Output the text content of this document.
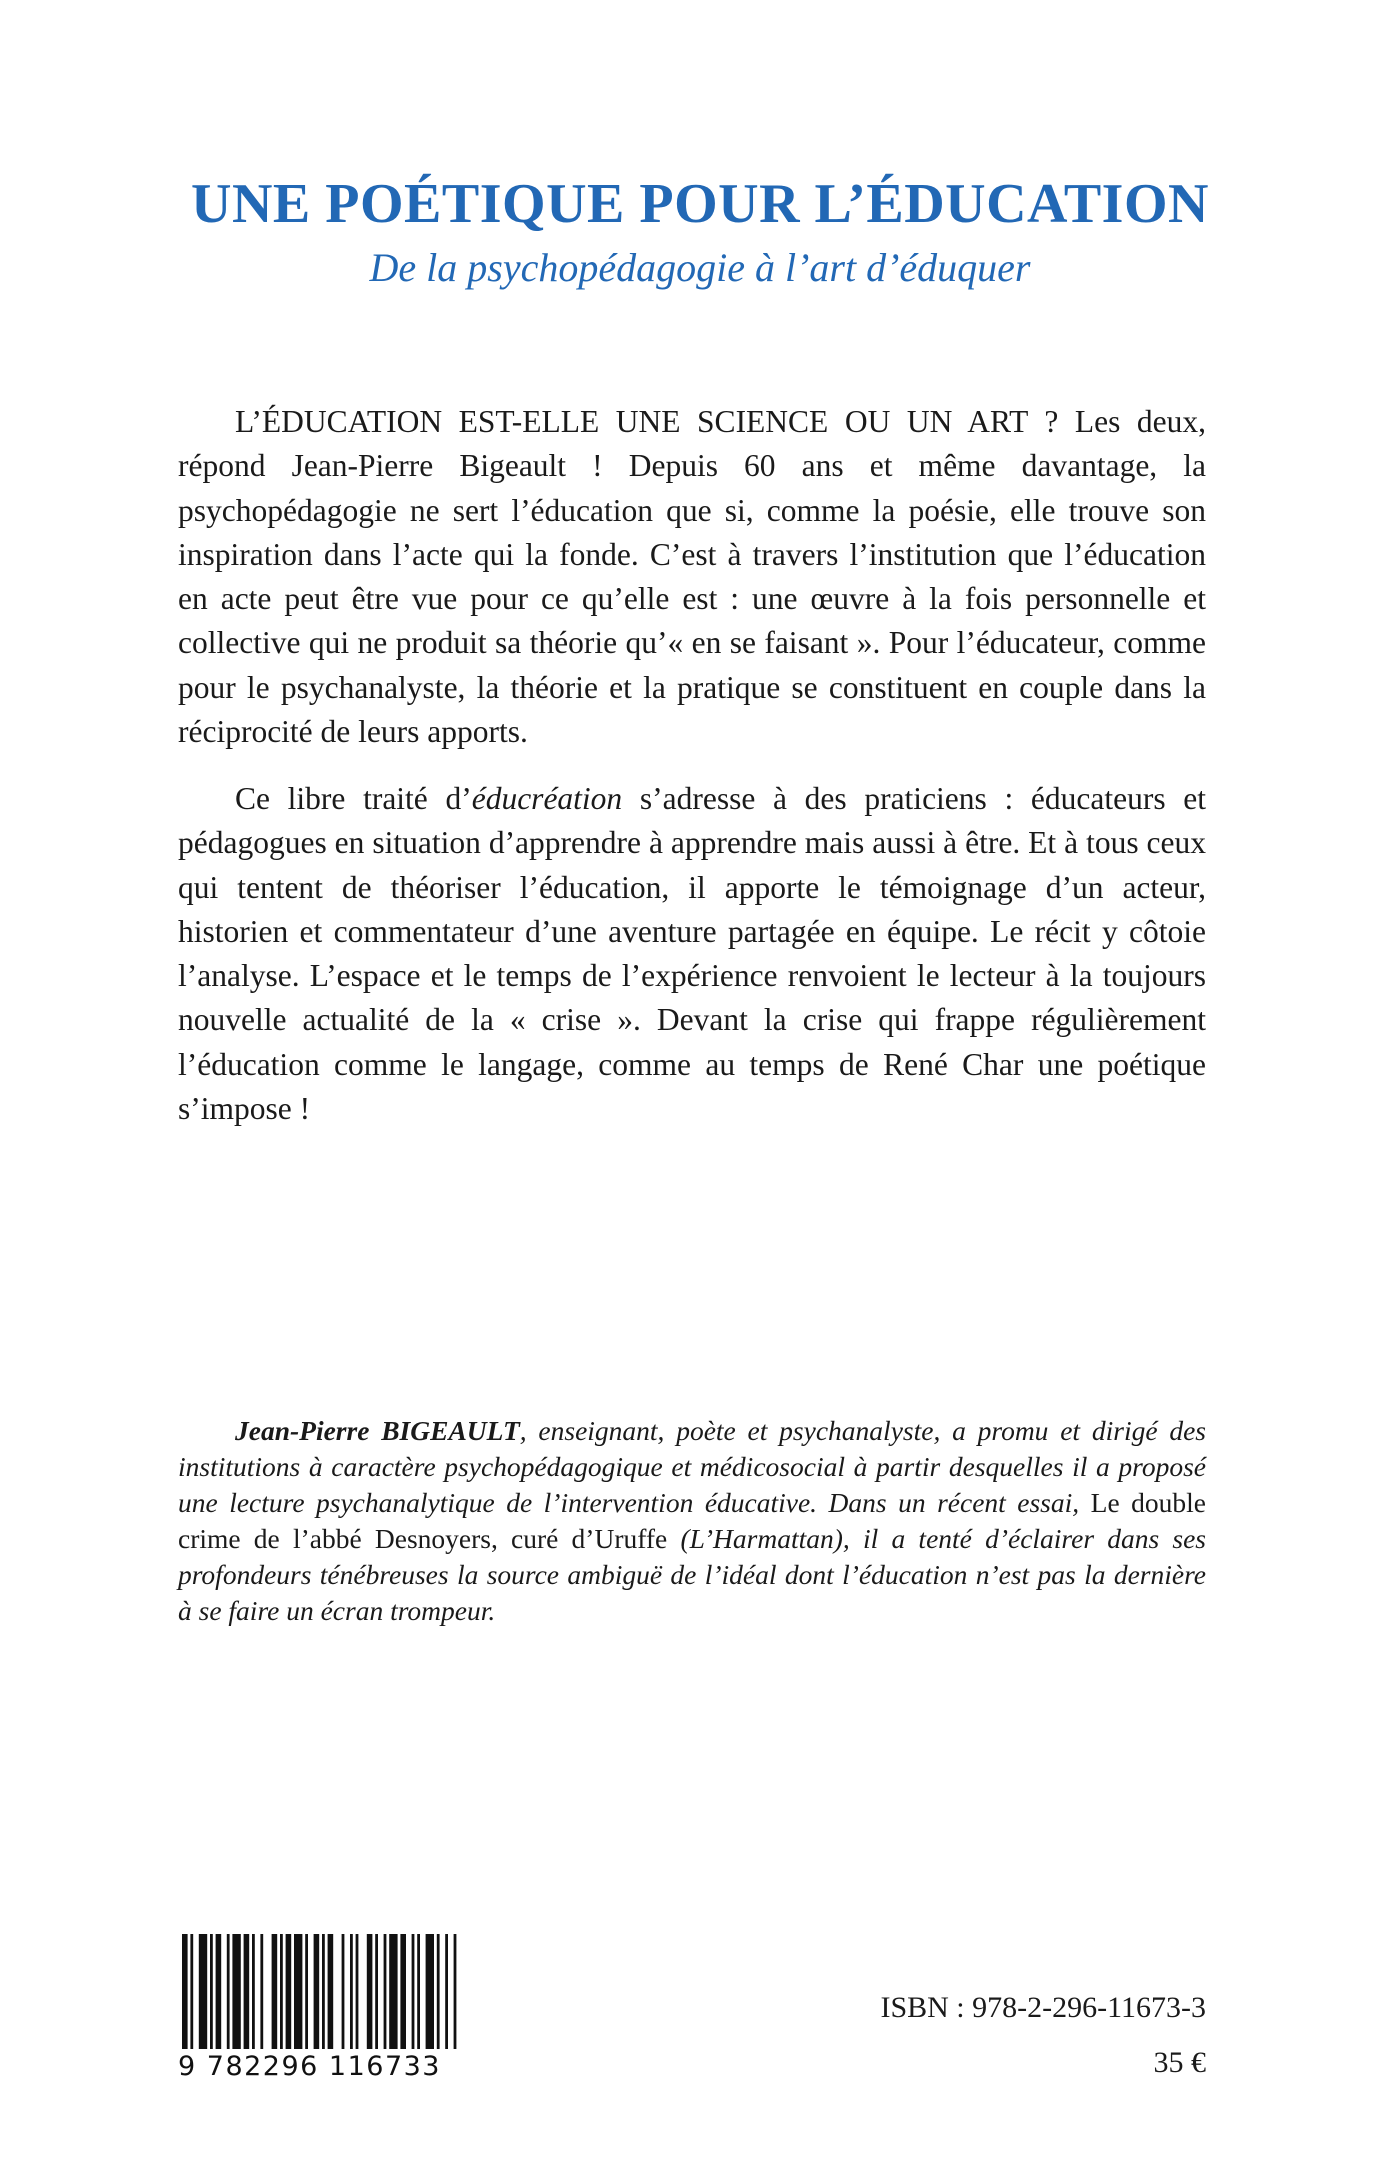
UNE POÉTIQUE POUR L’ÉDUCATION
De la psychopédagogie à l’art d’éduquer

L’ÉDUCATION EST-ELLE UNE SCIENCE OU UN ART ? Les deux, répond Jean-Pierre Bigeault ! Depuis 60 ans et même davantage, la psychopédagogie ne sert l’éducation que si, comme la poésie, elle trouve son inspiration dans l’acte qui la fonde. C’est à travers l’institution que l’éducation en acte peut être vue pour ce qu’elle est : une œuvre à la fois personnelle et collective qui ne produit sa théorie qu’« en se faisant ». Pour l’éducateur, comme pour le psychanalyste, la théorie et la pratique se constituent en couple dans la réciprocité de leurs apports.

Ce libre traité d’éducréation s’adresse à des praticiens : éducateurs et pédagogues en situation d’apprendre à apprendre mais aussi à être. Et à tous ceux qui tentent de théoriser l’éducation, il apporte le témoignage d’un acteur, historien et commentateur d’une aventure partagée en équipe. Le récit y côtoie l’analyse. L’espace et le temps de l’expérience renvoient le lecteur à la toujours nouvelle actualité de la « crise ». Devant la crise qui frappe régulièrement l’éducation comme le langage, comme au temps de René Char une poétique s’impose !

Jean-Pierre BIGEAULT, enseignant, poète et psychanalyste, a promu et dirigé des institutions à caractère psychopédagogique et médicosocial à partir desquelles il a proposé une lecture psychanalytique de l’intervention éducative. Dans un récent essai, Le double crime de l’abbé Desnoyers, curé d’Uruffe (L’Harmattan), il a tenté d’éclairer dans ses profondeurs ténébreuses la source ambiguë de l’idéal dont l’éducation n’est pas la dernière à se faire un écran trompeur.

9 782296 116733
ISBN : 978-2-296-11673-3
35 €
